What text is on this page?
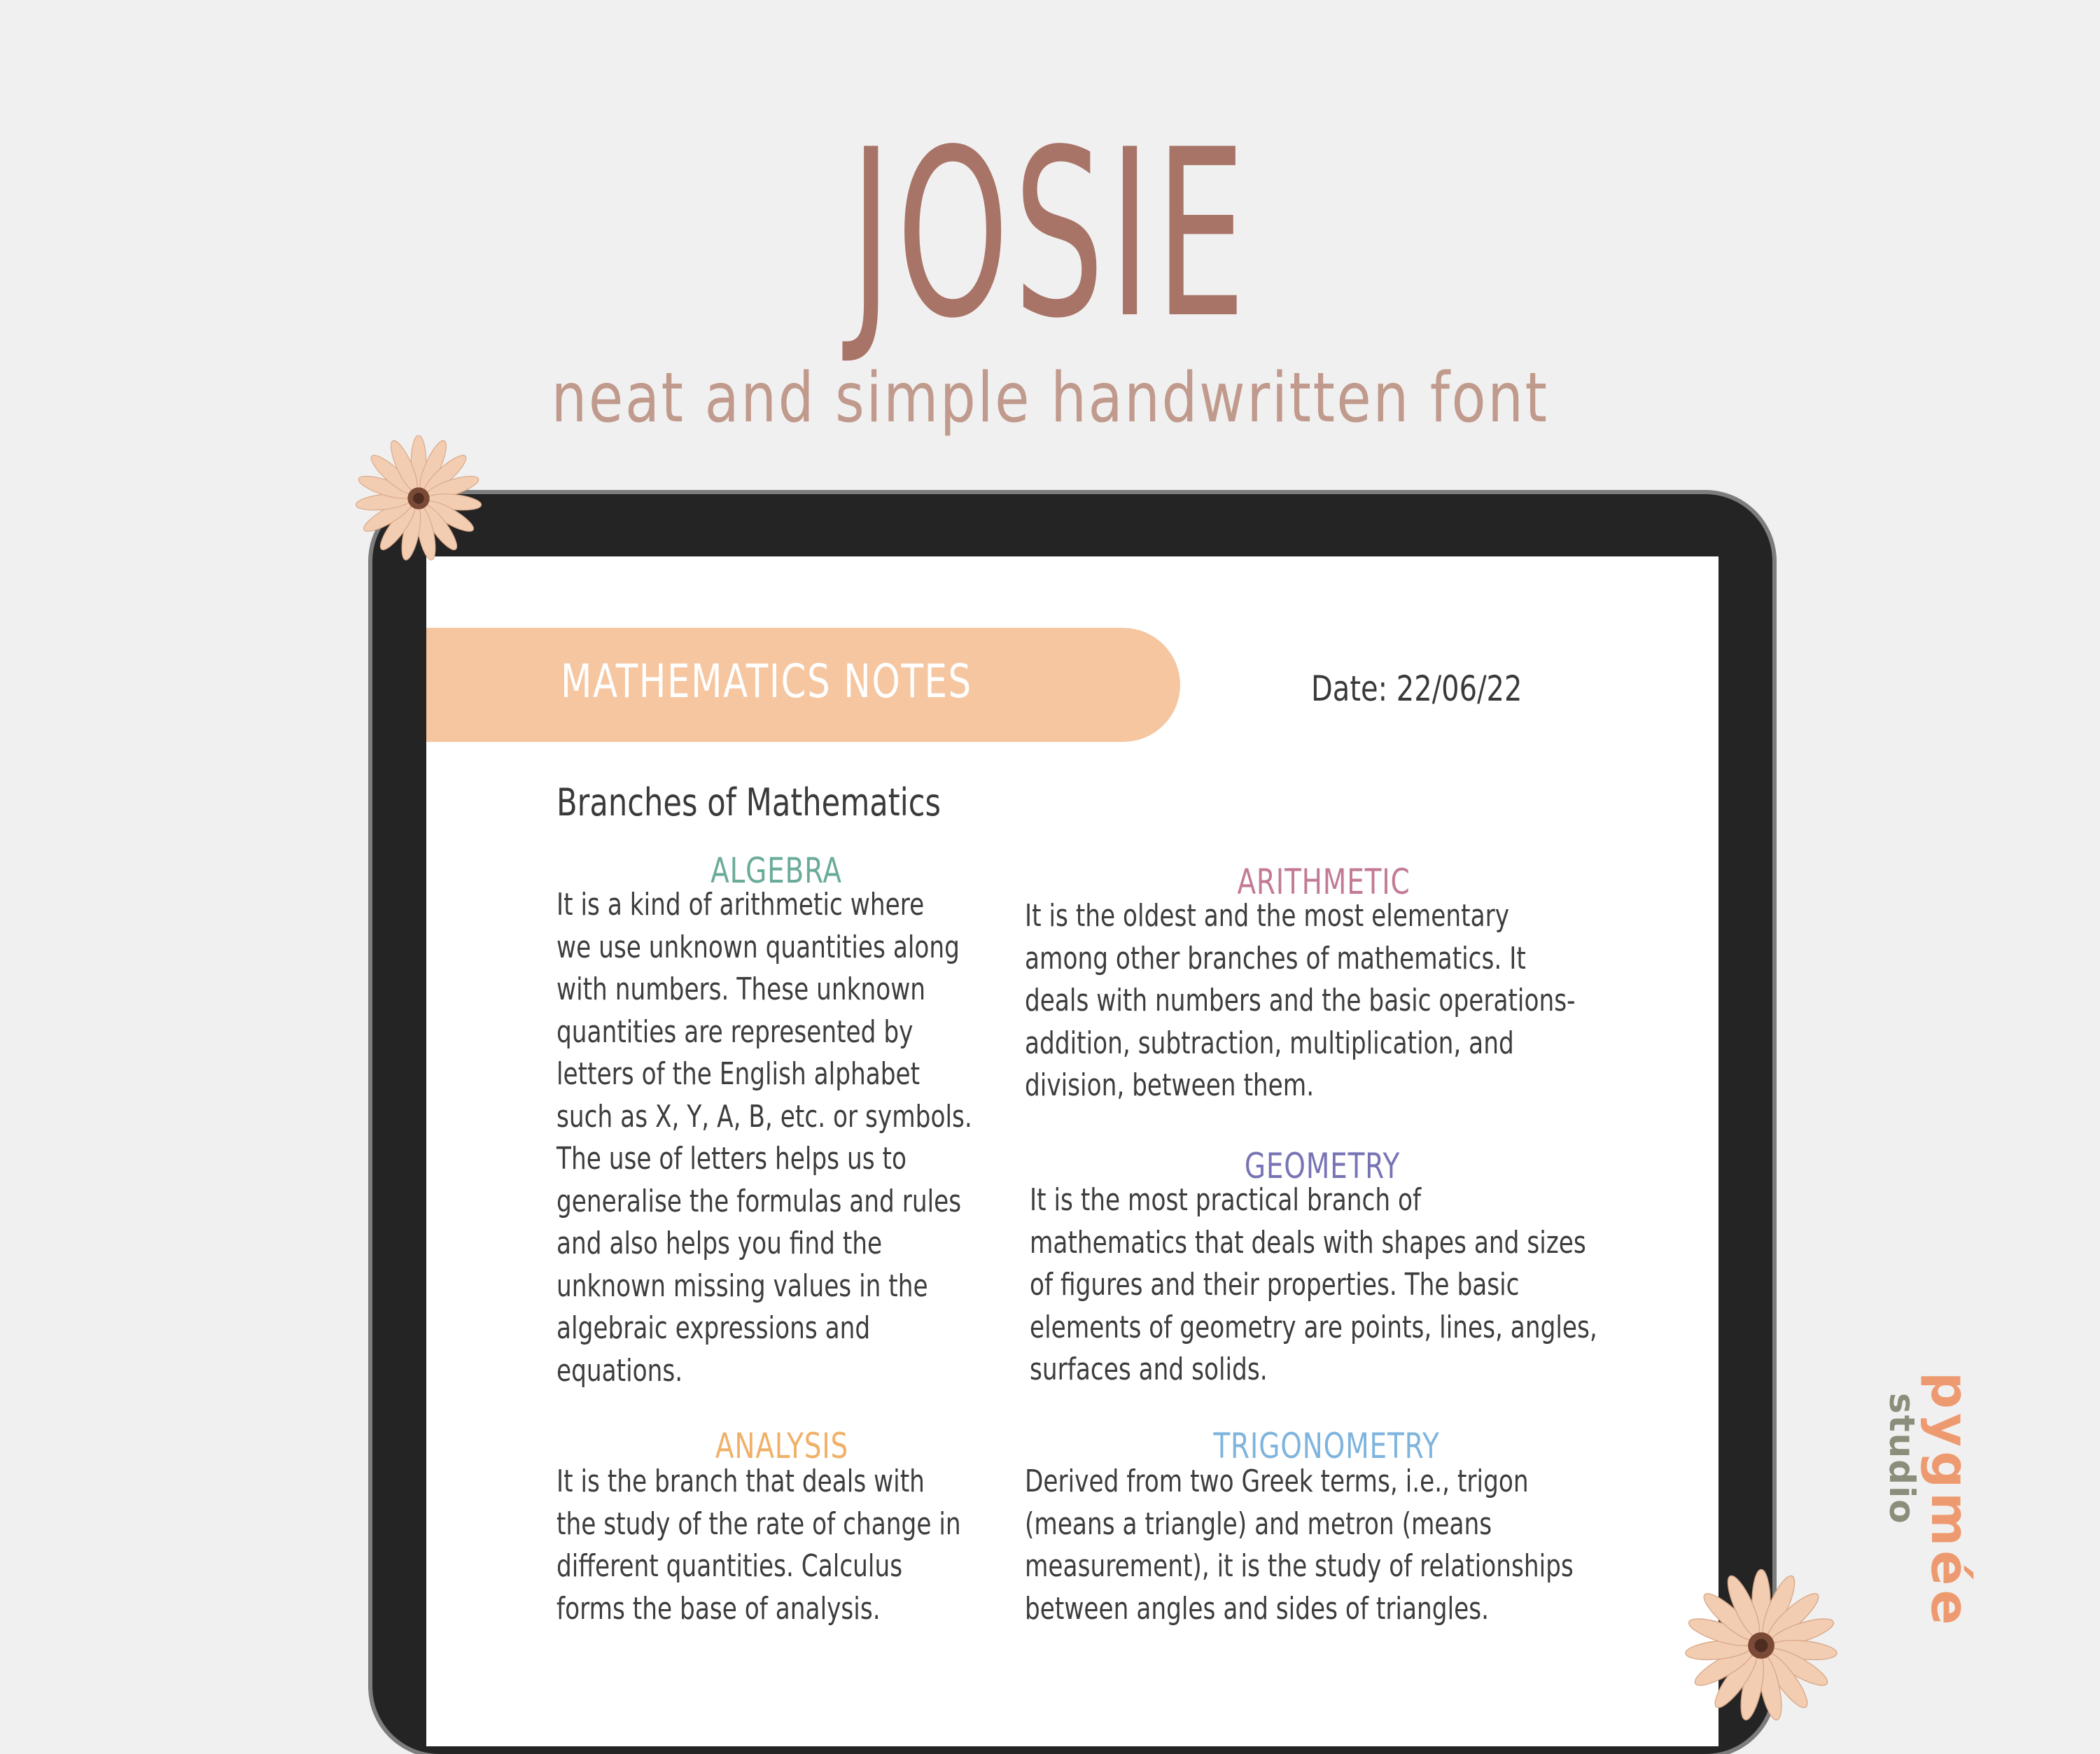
JOSIE
neat and simple handwritten font
MATHEMATICS NOTES	Date: 22/06/22
Branches of Mathematics
ALGEBRA
It is a kind of arithmetic where
we use unknown quantities along
with numbers. These unknown
quantities are represented by
letters of the English alphabet
such as X, Y, A, B, etc. or symbols.
The use of letters helps us to
generalise the formulas and rules
and also helps you find the
unknown missing values in the
algebraic expressions and
equations.
ARITHMETIC
It is the oldest and the most elementary
among other branches of mathematics. It
deals with numbers and the basic operations-
addition, subtraction, multiplication, and
division, between them.
GEOMETRY
It is the most practical branch of
mathematics that deals with shapes and sizes
of figures and their properties. The basic
elements of geometry are points, lines, angles,
surfaces and solids.
ANALYSIS
It is the branch that deals with
the study of the rate of change in
different quantities. Calculus
forms the base of analysis.
TRIGONOMETRY
Derived from two Greek terms, i.e., trigon
(means a triangle) and metron (means
measurement), it is the study of relationships
between angles and sides of triangles.	pygmée
studio
